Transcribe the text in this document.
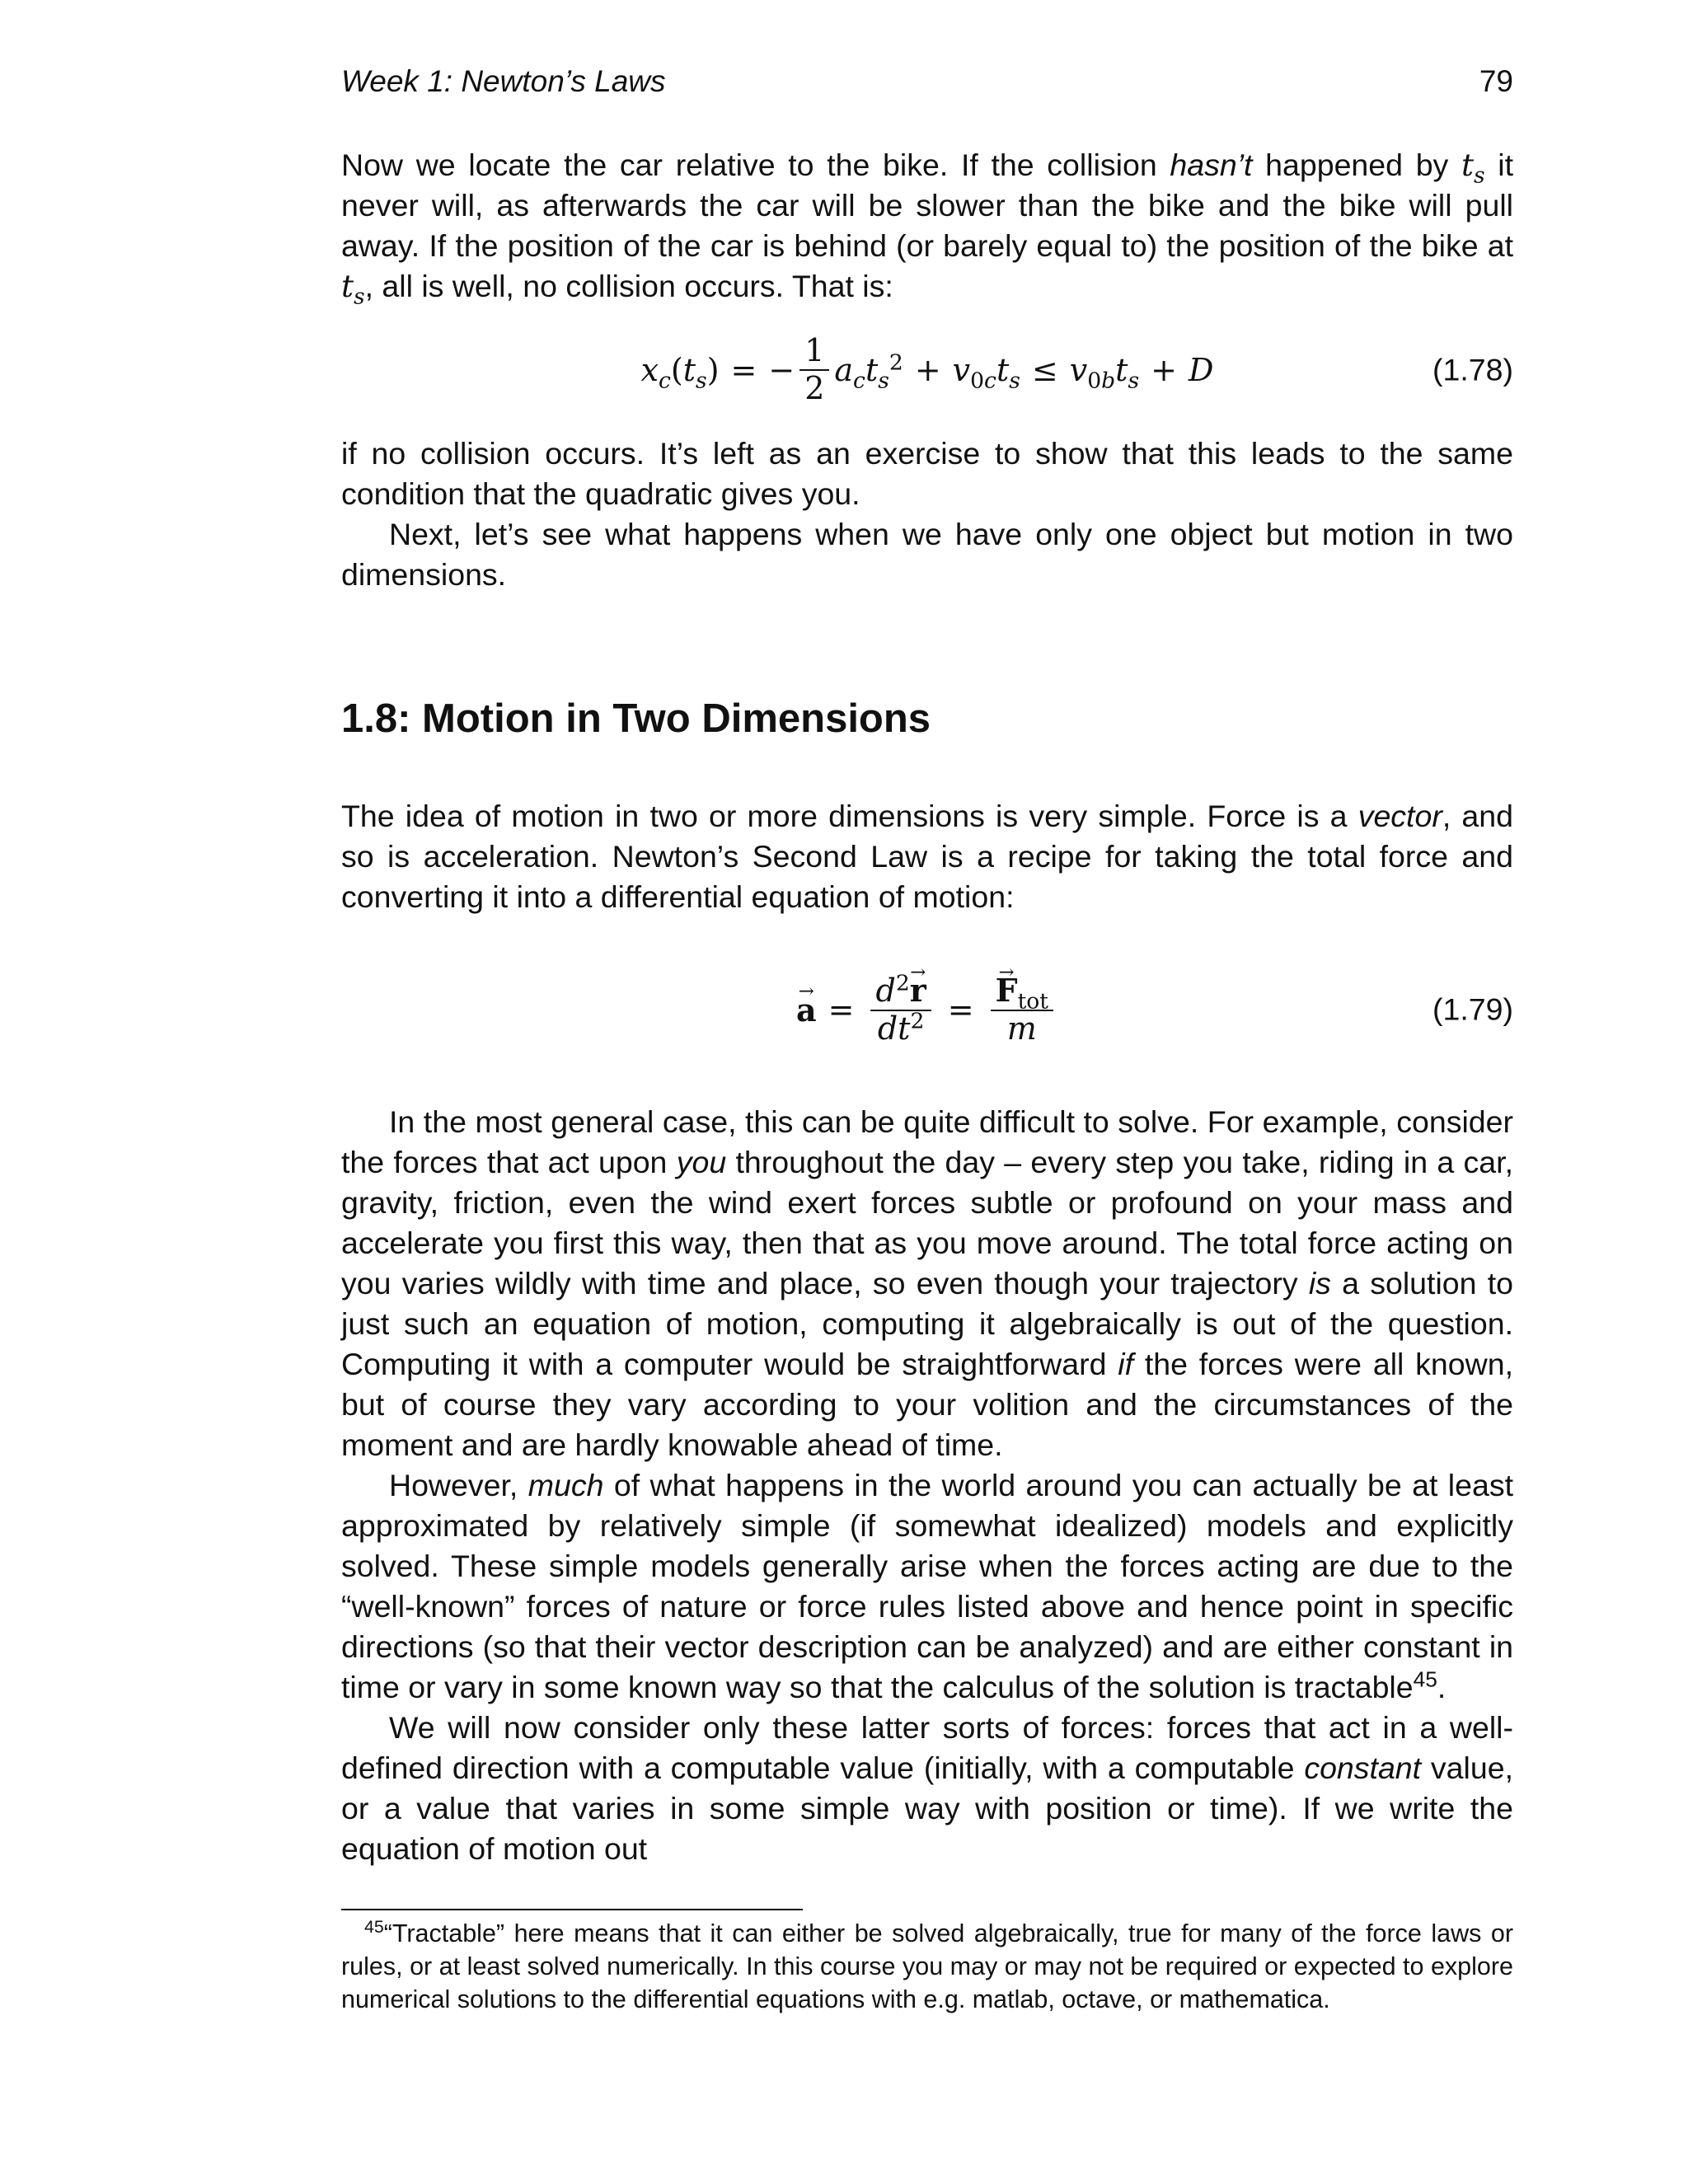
Week 1: Newton’s Laws	79

Now we locate the car relative to the bike. If the collision hasn’t happened by $t_s$ it never will, as afterwards the car will be slower than the bike and the bike will pull away. If the position of the car is behind (or barely equal to) the position of the bike at $t_s$, all is well, no collision occurs. That is:

$x_c$ ( $t_s$ ) = − $\frac{1}{2} a_ct_s^2 + v_{0c}t_s \le v_{0b}t_s + D$	(1.78)

if no collision occurs. It’s left as an exercise to show that this leads to the same condition that the quadratic gives you.

Next, let’s see what happens when we have only one object but motion in two dimensions.

1.8: Motion in Two Dimensions

The idea of motion in two or more dimensions is very simple. Force is a vector, and so is acceleration. Newton’s Second Law is a recipe for taking the total force and converting it into a differential equation of motion:

→ $a = \frac{d^2\to r}{dt^2}$ =
→ $\frac{F_{tot}}{m}$	(1.79)

In the most general case, this can be quite difficult to solve. For example, consider the forces that act upon you throughout the day – every step you take, riding in a car, gravity, friction, even the wind exert forces subtle or profound on your mass and accelerate you first this way, then that as you move around. The total force acting on you varies wildly with time and place, so even though your trajectory is a solution to just such an equation of motion, computing it algebraically is out of the question. Computing it with a computer would be straightforward if the forces were all known, but of course they vary according to your volition and the circumstances of the moment and are hardly knowable ahead of time.

However, much of what happens in the world around you can actually be at least approximated by relatively simple (if somewhat idealized) models and explicitly solved. These simple models generally arise when the forces acting are due to the “well-known” forces of nature or force rules listed above and hence point in specific directions (so that their vector description can be analyzed) and are either constant in time or vary in some known way so that the calculus of the solution is tractable$^{45}$.

We will now consider only these latter sorts of forces: forces that act in a well-defined direction with a computable value (initially, with a computable constant value, or a value that varies in some simple way with position or time). If we write the equation of motion out

$^{45}$“Tractable” here means that it can either be solved algebraically, true for many of the force laws or rules, or at least solved numerically. In this course you may or may not be required or expected to explore numerical solutions to the differential equations with e.g. matlab, octave, or mathematica.
